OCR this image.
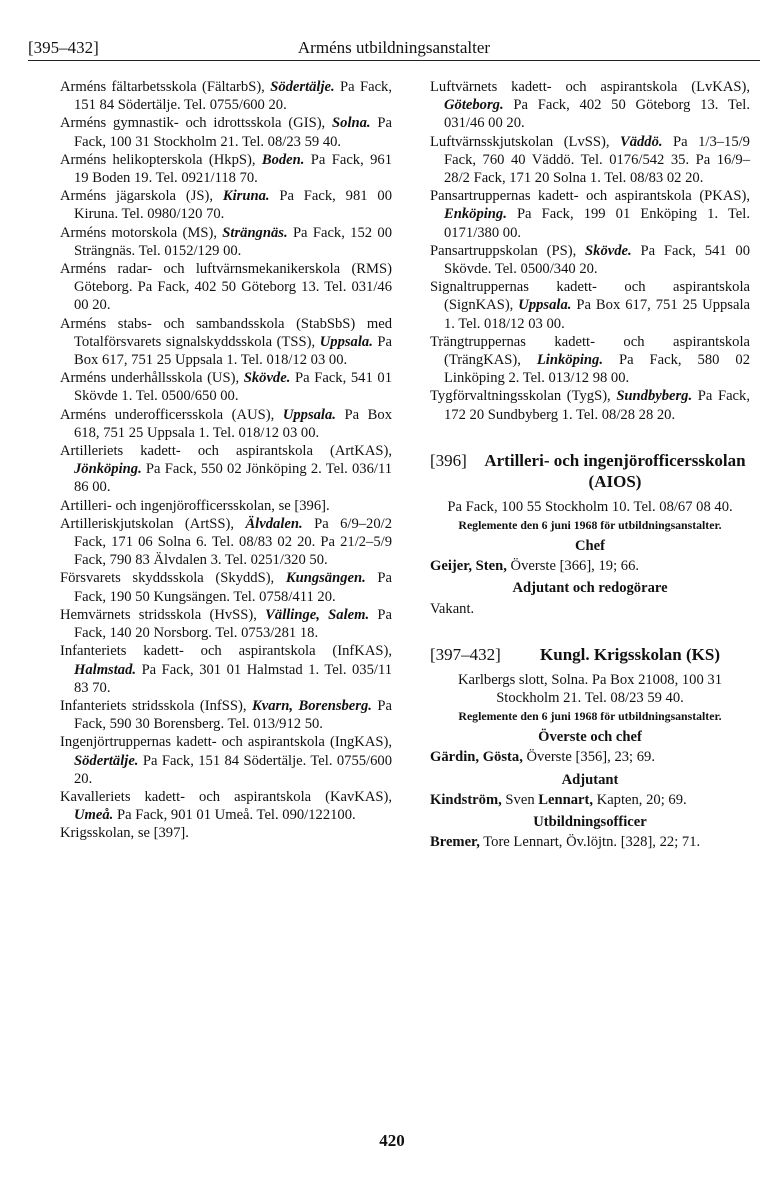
[395–432]	Arméns utbildningsanstalter

Arméns fältarbetsskola (FältarbS), Södertälje. Pa Fack, 151 84 Södertälje. Tel. 0755/600 20.

Arméns gymnastik- och idrottsskola (GIS), Solna. Pa Fack, 100 31 Stockholm 21. Tel. 08/23 59 40.

Arméns helikopterskola (HkpS), Boden. Pa Fack, 961 19 Boden 19. Tel. 0921/118 70.

Arméns jägarskola (JS), Kiruna. Pa Fack, 981 00 Kiruna. Tel. 0980/120 70.

Arméns motorskola (MS), Strängnäs. Pa Fack, 152 00 Strängnäs. Tel. 0152/129 00.

Arméns radar- och luftvärnsmekanikerskola (RMS) Göteborg. Pa Fack, 402 50 Göteborg 13. Tel. 031/46 00 20.

Arméns stabs- och sambandsskola (StabSbS) med Totalförsvarets signalskyddsskola (TSS), Uppsala. Pa Box 617, 751 25 Uppsala 1. Tel. 018/12 03 00.

Arméns underhållsskola (US), Skövde. Pa Fack, 541 01 Skövde 1. Tel. 0500/650 00.

Arméns underofficersskola (AUS), Uppsala. Pa Box 618, 751 25 Uppsala 1. Tel. 018/12 03 00.

Artilleriets kadett- och aspirantskola (ArtKAS), Jönköping. Pa Fack, 550 02 Jönköping 2. Tel. 036/11 86 00.

Artilleri- och ingenjörofficersskolan, se [396].

Artilleriskjutskolan (ArtSS), Älvdalen. Pa 6/9–20/2 Fack, 171 06 Solna 6. Tel. 08/83 02 20. Pa 21/2–5/9 Fack, 790 83 Älvdalen 3. Tel. 0251/320 50.

Försvarets skyddsskola (SkyddS), Kungsängen. Pa Fack, 190 50 Kungsängen. Tel. 0758/411 20.

Hemvärnets stridsskola (HvSS), Vällinge, Salem. Pa Fack, 140 20 Norsborg. Tel. 0753/281 18.

Infanteriets kadett- och aspirantskola (InfKAS), Halmstad. Pa Fack, 301 01 Halmstad 1. Tel. 035/11 83 70.

Infanteriets stridsskola (InfSS), Kvarn, Borensberg. Pa Fack, 590 30 Borensberg. Tel. 013/912 50.

Ingenjörtruppernas kadett- och aspirantskola (IngKAS), Södertälje. Pa Fack, 151 84 Södertälje. Tel. 0755/600 20.

Kavalleriets kadett- och aspirantskola (KavKAS), Umeå. Pa Fack, 901 01 Umeå. Tel. 090/122100.

Krigsskolan, se [397].

Luftvärnets kadett- och aspirantskola (LvKAS), Göteborg. Pa Fack, 402 50 Göteborg 13. Tel. 031/46 00 20.

Luftvärnsskjutskolan (LvSS), Väddö. Pa 1/3–15/9 Fack, 760 40 Väddö. Tel. 0176/542 35. Pa 16/9–28/2 Fack, 171 20 Solna 1. Tel. 08/83 02 20.

Pansartruppernas kadett- och aspirantskola (PKAS), Enköping. Pa Fack, 199 01 Enköping 1. Tel. 0171/380 00.

Pansartruppskolan (PS), Skövde. Pa Fack, 541 00 Skövde. Tel. 0500/340 20.

Signaltruppernas kadett- och aspirantskola (SignKAS), Uppsala. Pa Box 617, 751 25 Uppsala 1. Tel. 018/12 03 00.

Trängtruppernas kadett- och aspirantskola (TrängKAS), Linköping. Pa Fack, 580 02 Linköping 2. Tel. 013/12 98 00.

Tygförvaltningsskolan (TygS), Sundbyberg. Pa Fack, 172 20 Sundbyberg 1. Tel. 08/28 28 20.

[396]	Artilleri- och ingenjörofficersskolan (AIOS)

Pa Fack, 100 55 Stockholm 10. Tel. 08/67 08 40.

Reglemente den 6 juni 1968 för utbildningsanstalter.
Chef

Geijer, Sten, Överste [366], 19; 66.

Adjutant och redogörare

Vakant.

[397–432]	Kungl. Krigsskolan (KS)

Karlbergs slott, Solna. Pa Box 21008, 100 31 Stockholm 21. Tel. 08/23 59 40.

Reglemente den 6 juni 1968 för utbildningsanstalter.
Överste och chef

Gärdin, Gösta, Överste [356], 23; 69.

Adjutant

Kindström, Sven Lennart, Kapten, 20; 69.

Utbildningsofficer

Bremer, Tore Lennart, Öv.löjtn. [328], 22; 71.

420
